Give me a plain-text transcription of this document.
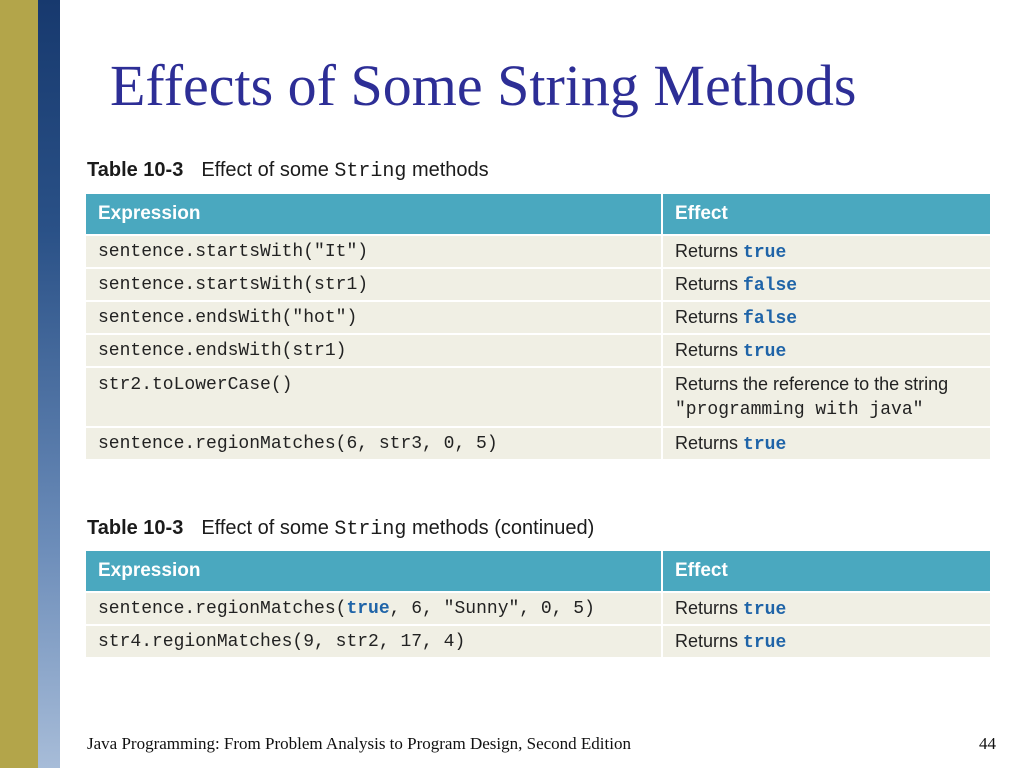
Effects of Some String Methods
Table 10-3 Effect of some String methods
Expression	Effect
sentence.startsWith("It")	Returns true
sentence.startsWith(str1)	Returns false
sentence.endsWith("hot")	Returns false
sentence.endsWith(str1)	Returns true
str2.toLowerCase()	Returns the reference to the string
"programming with java"

sentence.regionMatches(6, str3, 0, 5)	Returns true
Table 10-3 Effect of some String methods (continued)
Expression	Effect
sentence.regionMatches(true, 6, "Sunny", 0, 5)	Returns true
str4.regionMatches(9, str2, 17, 4)	Returns true
Java Programming: From Problem Analysis to Program Design, Second Edition	44
